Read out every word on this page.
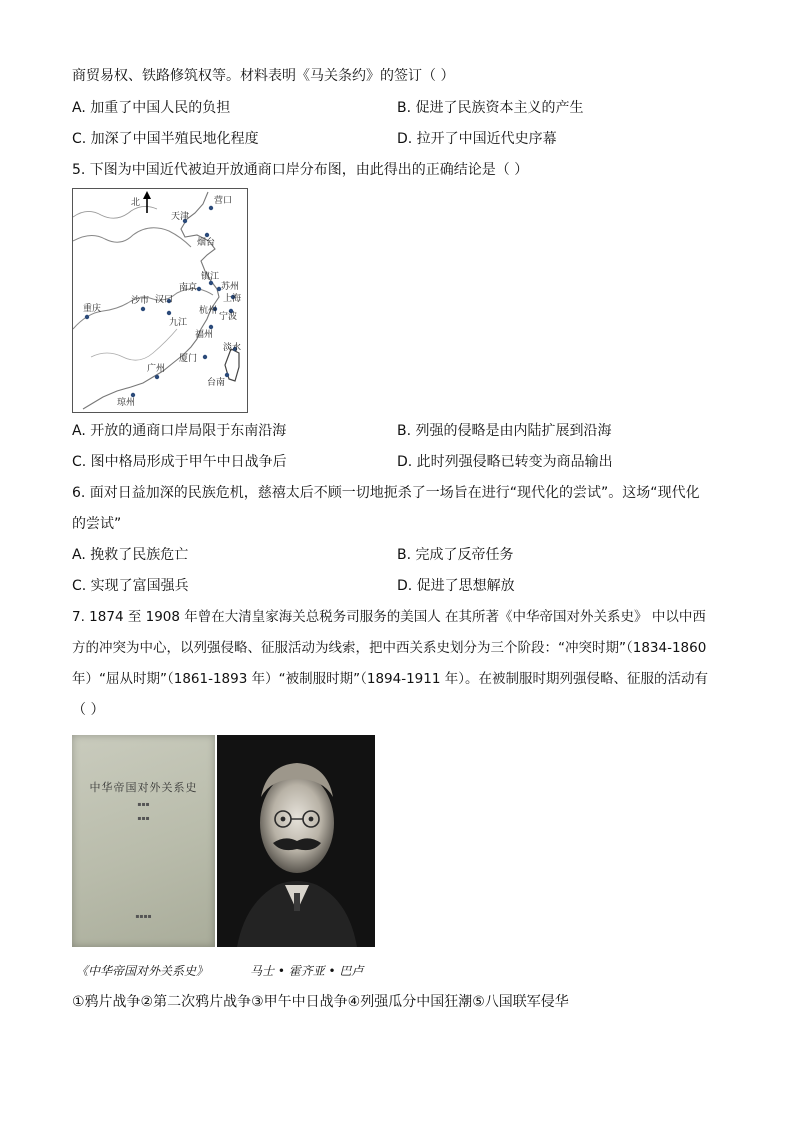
商贸易权、铁路修筑权等。材料表明《马关条约》的签订（ ）
A. 加重了中国人民的负担	B. 促进了民族资本主义的产生
C. 加深了中国半殖民地化程度	D. 拉开了中国近代史序幕
5. 下图为中国近代被迫开放通商口岸分布图，由此得出的正确结论是（ ）
北	营口
天津
烟台
镇江
南京	苏州
上海
杭州
宁波
重庆
沙市 汉口
九江
福州
淡水
厦门
广州
台南
琼州
A. 开放的通商口岸局限于东南沿海	B. 列强的侵略是由内陆扩展到沿海
C. 图中格局形成于甲午中日战争后	D. 此时列强侵略已转变为商品输出
6. 面对日益加深的民族危机，慈禧太后不顾一切地扼杀了一场旨在进行“现代化的尝试”。这场“现代化
的尝试”
A. 挽救了民族危亡	B. 完成了反帝任务
C. 实现了富国强兵	D. 促进了思想解放
7. 1874 至 1908 年曾在大清皇家海关总税务司服务的美国人 在其所著《中华帝国对外关系史》 中以中西
方的冲突为中心，以列强侵略、征服活动为线索，把中西关系史划分为三个阶段：“冲突时期”（1834-1860
年）“屈从时期”（1861-1893 年）“被制服时期”（1894-1911 年）。在被制服时期列强侵略、征服的活动有
（ ）
中华帝国对外关系史
▪▪▪
▪▪▪
▪▪▪▪
《中华帝国对外关系史》	马士 • 霍齐亚 • 巴卢
①鸦片战争②第二次鸦片战争③甲午中日战争④列强瓜分中国狂潮⑤八国联军侵华
